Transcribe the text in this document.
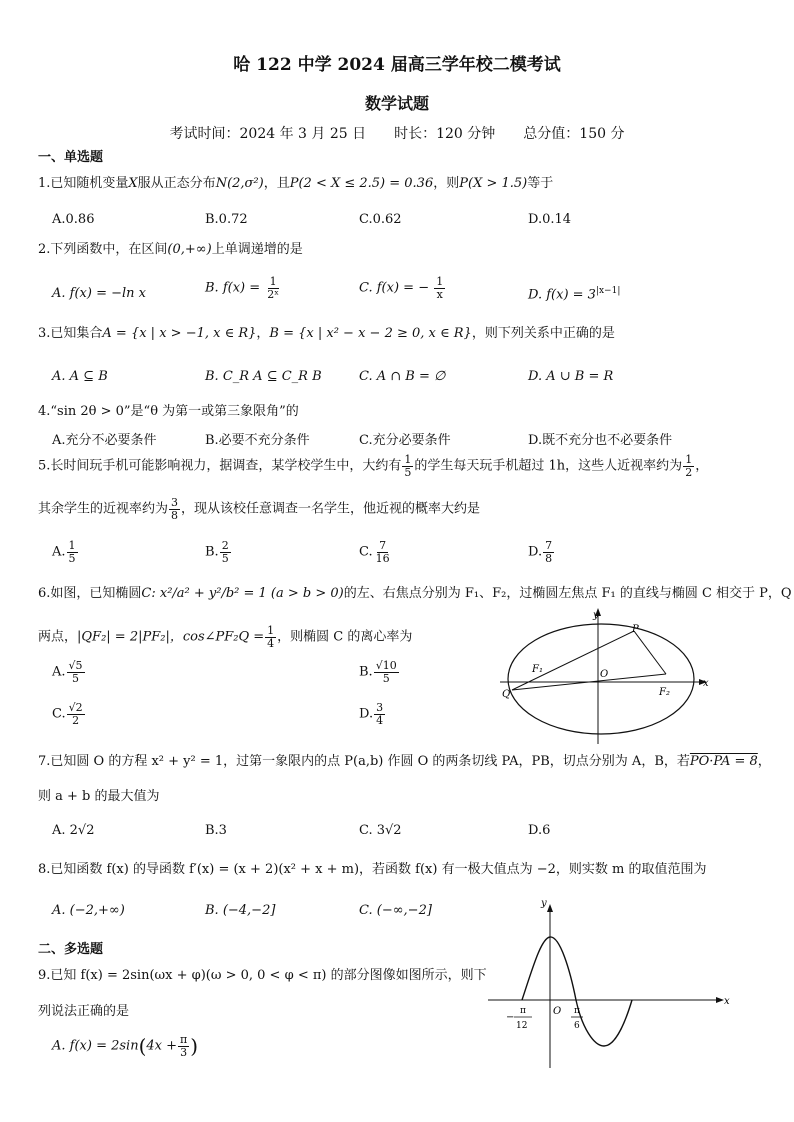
哈 122 中学 2024 届高三学年校二模考试
数学试题
考试时间：2024 年 3 月 25 日　　时长：120 分钟　　总分值：150 分
一、单选题
1.已知随机变量X服从正态分布N(2,σ²)，且P(2 < X ≤ 2.5) = 0.36，则P(X > 1.5)等于
A.0.86	B.0.72	C.0.62	D.0.14
2.下列函数中，在区间(0,+∞)上单调递增的是
A. f(x) = −ln x	B. $f(x) = \frac{1}{\text{2ˣ}}$	C. f(x) = − $\frac{1}{x}$	D. $f(x) = 3^{|x-1|}$
3.已知集合A = {x | x > −1, x ∈ R}，B = {x | x² − x − 2 ≥ 0, x ∈ R}，则下列关系中正确的是
A. A ⊆ B	B. C_R A ⊆ C_R B	C. A ∩ B = ∅	D. A ∪ B = R
4.“sin 2θ > 0”是“θ 为第一或第三象限角”的
A.充分不必要条件	B.必要不充分条件	C.充分必要条件	D.既不充分也不必要条件
5.长时间玩手机可能影响视力，据调查，某学校学生中，大约有 $\frac{1}{5}$ 的学生每天玩手机超过 1h，这些人近视率约为 $\frac{1}{2}$ ，
其余学生的近视率约为 $\frac{3}{8}$ ，现从该校任意调查一名学生，他近视的概率大约是
A. $\frac{1}{5}$	B. $\frac{2}{5}$	C. $\frac{7}{16}$	D. $\frac{7}{8}$
6.如图，已知椭圆C: x²/a² + y²/b² = 1 (a > b > 0)的左、右焦点分别为 F₁、F₂，过椭圆左焦点 F₁ 的直线与椭圆 C 相交于 P，Q
两点，|QF₂| = 2|PF₂|，cos∠PF₂Q = $\frac{1}{4}$ ，则椭圆 C 的离心率为
A. $\frac{√5}{5}$	B. $\frac{√10}{5}$
C. $\frac{√2}{2}$	D. $\frac{3}{4}$
y
x
P
F₁	O
Q	F₂
7.已知圆 O 的方程 x² + y² = 1，过第一象限内的点 P(a,b) 作圆 O 的两条切线 PA，PB，切点分别为 A，B，若PO·PA = 8，
则 a + b 的最大值为
A. 2√2	B.3	C. 3√2	D.6
8.已知函数 f(x) 的导函数 f′(x) = (x + 2)(x² + x + m)，若函数 f(x) 有一极大值点为 −2，则实数 m 的取值范围为
A. (−2,+∞)	B. (−4,−2]	C. (−∞,−2]
二、多选题
9.已知 f(x) = 2sin(ωx + φ)(ω > 0, 0 < φ < π) 的部分图像如图所示，则下
列说法正确的是
A. $f(x) = 2\sin(4x + \frac{\pi}{3}$ )
y
x
O
−
π
12
π
6
